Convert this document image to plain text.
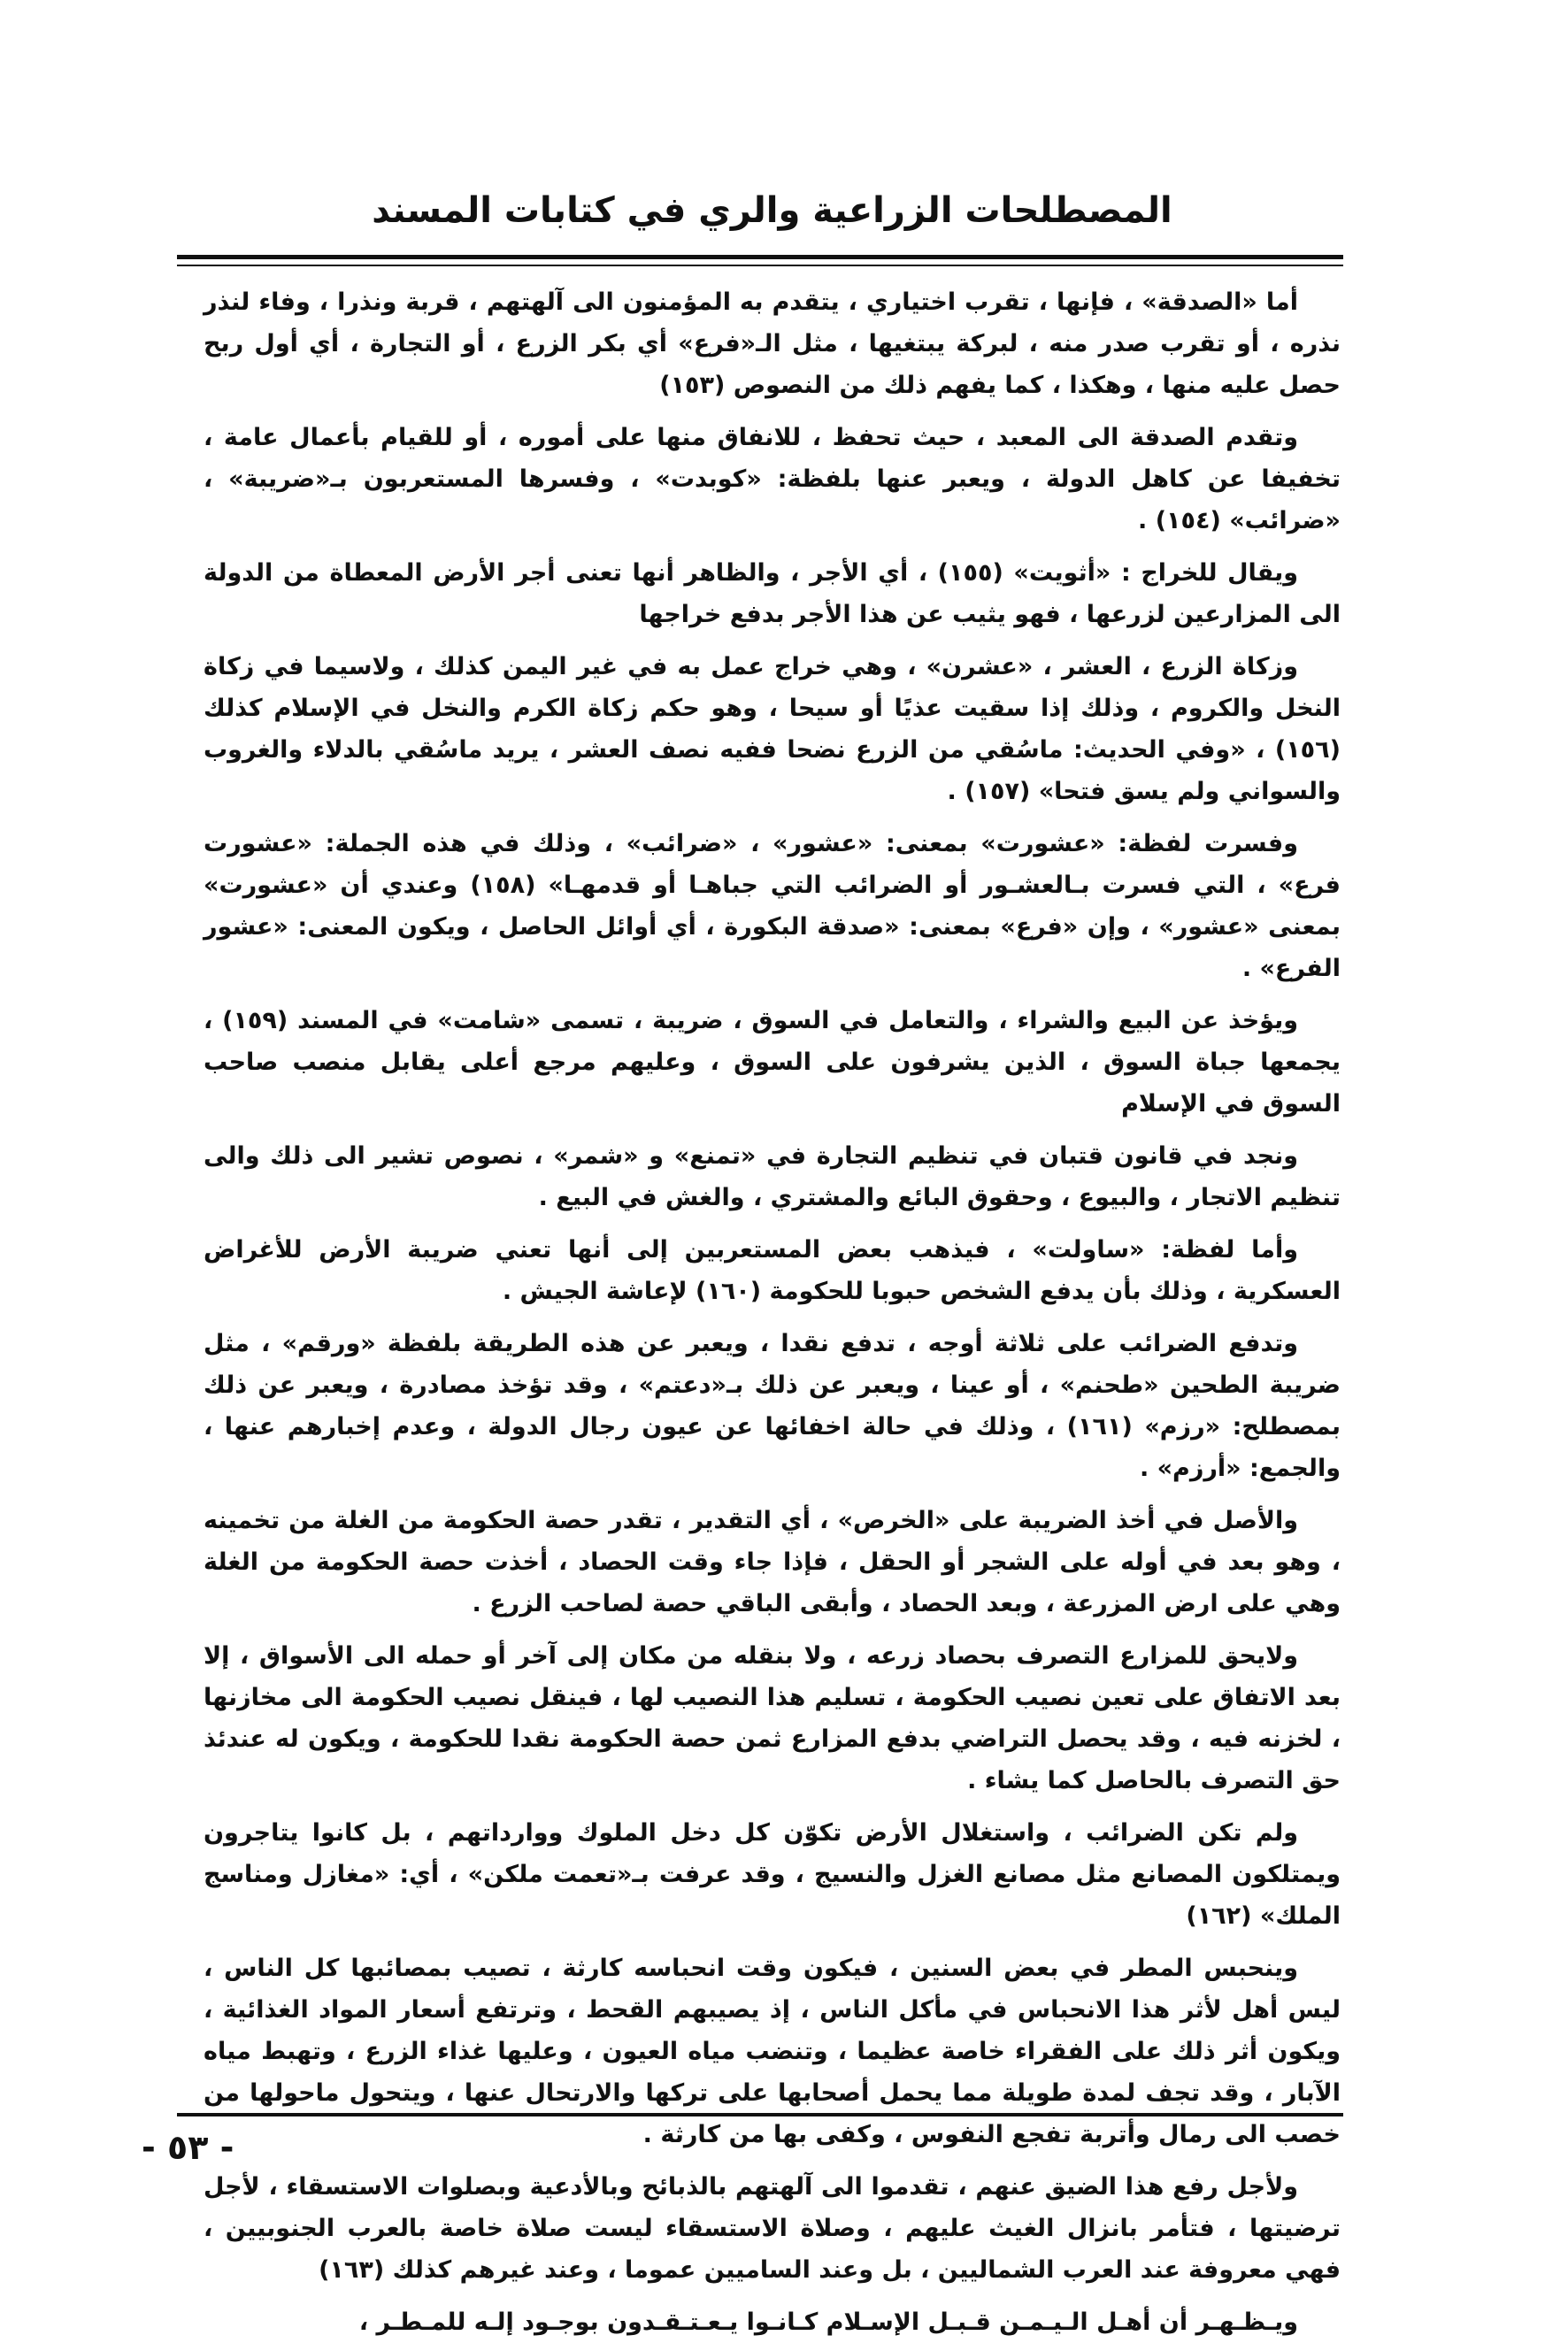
المصطلحات الزراعية والري في كتابات المسند

أما «الصدقة» ، فإنها ، تقرب اختياري ، يتقدم به المؤمنون الى آلهتهم ، قربة ونذرا ، وفاء لنذر نذره ، أو تقرب صدر منه ، لبركة يبتغيها ، مثل الـ«فرع» أي بكر الزرع ، أو التجارة ، أي أول ربح حصل عليه منها ، وهكذا ، كما يفهم ذلك من النصوص (١٥٣)

وتقدم الصدقة الى المعبد ، حيث تحفظ ، للانفاق منها على أموره ، أو للقيام بأعمال عامة ، تخفيفا عن كاهل الدولة ، ويعبر عنها بلفظة: «كوبدت» ، وفسرها المستعربون بـ«ضريبة» ، «ضرائب» (١٥٤) .

ويقال للخراج : «أثويت» (١٥٥) ، أي الأجر ، والظاهر أنها تعنى أجر الأرض المعطاة من الدولة الى المزارعين لزرعها ، فهو يثيب عن هذا الأجر بدفع خراجها

وزكاة الزرع ، العشر ، «عشرن» ، وهي خراج عمل به في غير اليمن كذلك ، ولاسيما في زكاة النخل والكروم ، وذلك إذا سقيت عذيًا أو سيحا ، وهو حكم زكاة الكرم والنخل في الإسلام كذلك (١٥٦) ، «وفي الحديث: ماسُقي من الزرع نضحا ففيه نصف العشر ، يريد ماسُقي بالدلاء والغروب والسواني ولم يسق فتحا» (١٥٧) .

وفسرت لفظة: «عشورت» بمعنى: «عشور» ، «ضرائب» ، وذلك في هذه الجملة: «عشورت فرع» ، التي فسرت بـالعشـور أو الضرائب التي جباهـا أو قدمهـا» (١٥٨) وعندي أن «عشورت» بمعنى «عشور» ، وإن «فرع» بمعنى: «صدقة البكورة ، أي أوائل الحاصل ، ويكون المعنى: «عشور الفرع» .

ويؤخذ عن البيع والشراء ، والتعامل في السوق ، ضريبة ، تسمى «شامت» في المسند (١٥٩) ، يجمعها جباة السوق ، الذين يشرفون على السوق ، وعليهم مرجع أعلى يقابل منصب صاحب السوق في الإسلام

ونجد في قانون قتبان في تنظيم التجارة في «تمنع» و «شمر» ، نصوص تشير الى ذلك والى تنظيم الاتجار ، والبيوع ، وحقوق البائع والمشتري ، والغش في البيع .

وأما لفظة: «ساولت» ، فيذهب بعض المستعربين إلى أنها تعني ضريبة الأرض للأغراض العسكرية ، وذلك بأن يدفع الشخص حبوبا للحكومة (١٦٠) لإعاشة الجيش .

وتدفع الضرائب على ثلاثة أوجه ، تدفع نقدا ، ويعبر عن هذه الطريقة بلفظة «ورقم» ، مثل ضريبة الطحين «طحنم» ، أو عينا ، ويعبر عن ذلك بـ«دعتم» ، وقد تؤخذ مصادرة ، ويعبر عن ذلك بمصطلح: «رزم» (١٦١) ، وذلك في حالة اخفائها عن عيون رجال الدولة ، وعدم إخبارهم عنها ، والجمع: «أرزم» .

والأصل في أخذ الضريبة على «الخرص» ، أي التقدير ، تقدر حصة الحكومة من الغلة من تخمينه ، وهو بعد في أوله على الشجر أو الحقل ، فإذا جاء وقت الحصاد ، أخذت حصة الحكومة من الغلة وهي على ارض المزرعة ، وبعد الحصاد ، وأبقى الباقي حصة لصاحب الزرع .

ولايحق للمزارع التصرف بحصاد زرعه ، ولا بنقله من مكان إلى آخر أو حمله الى الأسواق ، إلا بعد الاتفاق على تعين نصيب الحكومة ، تسليم هذا النصيب لها ، فينقل نصيب الحكومة الى مخازنها ، لخزنه فيه ، وقد يحصل التراضي بدفع المزارع ثمن حصة الحكومة نقدا للحكومة ، ويكون له عندئذ حق التصرف بالحاصل كما يشاء .

ولم تكن الضرائب ، واستغلال الأرض تكوّن كل دخل الملوك ووارداتهم ، بل كانوا يتاجرون ويمتلكون المصانع مثل مصانع الغزل والنسيج ، وقد عرفت بـ«تعمت ملكن» ، أي: «مغازل ومناسج الملك» (١٦٢)

وينحبس المطر في بعض السنين ، فيكون وقت انحباسه كارثة ، تصيب بمصائبها كل الناس ، ليس أهل لأثر هذا الانحباس في مأكل الناس ، إذ يصيبهم القحط ، وترتفع أسعار المواد الغذائية ، ويكون أثر ذلك على الفقراء خاصة عظيما ، وتنضب مياه العيون ، وعليها غذاء الزرع ، وتهبط مياه الآبار ، وقد تجف لمدة طويلة مما يحمل أصحابها على تركها والارتحال عنها ، ويتحول ماحولها من خصب الى رمال وأتربة تفجع النفوس ، وكفى بها من كارثة .

ولأجل رفع هذا الضيق عنهم ، تقدموا الى آلهتهم بالذبائح وبالأدعية وبصلوات الاستسقاء ، لأجل ترضيتها ، فتأمر بانزال الغيث عليهم ، وصلاة الاستسقاء ليست صلاة خاصة بالعرب الجنوبيين ، فهي معروفة عند العرب الشماليين ، بل وعند الساميين عموما ، وعند غيرهم كذلك (١٦٣)

ويـظـهـر أن أهـل الـيـمـن قـبـل الإسـلام كـانـوا يـعـتـقـدون بوجـود إلـه للمـطـر ،

- ٥٣ -
